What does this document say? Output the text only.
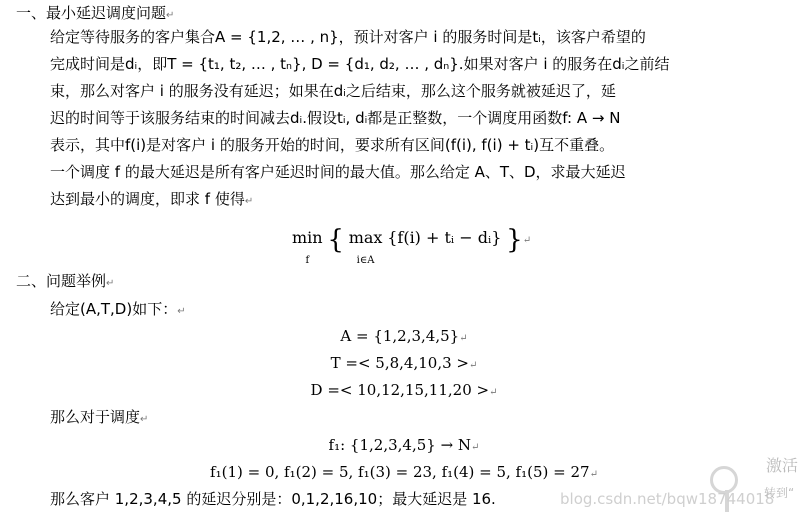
一、最小延迟调度问题↵
给定等待服务的客户集合A = {1,2, … , n}，预计对客户 i 的服务时间是tᵢ，该客户希望的
完成时间是dᵢ，即T = {t₁, t₂, … , tₙ}, D = {d₁, d₂, … , dₙ}.如果对客户 i 的服务在dᵢ之前结
束，那么对客户 i 的服务没有延迟；如果在dᵢ之后结束，那么这个服务就被延迟了，延
迟的时间等于该服务结束的时间减去dᵢ.假设tᵢ, dᵢ都是正整数，一个调度用函数f: A → N
表示，其中f(i)是对客户 i 的服务开始的时间，要求所有区间(f(i), f(i) + tᵢ)互不重叠。
一个调度 f 的最大延迟是所有客户延迟时间的最大值。那么给定 A、T、D，求最大延迟
达到最小的调度，即求 f 使得↵
min
f { max
i∈A {f(i) + tᵢ − dᵢ} }↵
二、问题举例↵
给定(A,T,D)如下：↵
A = {1,2,3,4,5}↵
T =< 5,8,4,10,3 >↵
D =< 10,12,15,11,20 >↵
那么对于调度↵
f₁: {1,2,3,4,5} → N↵
f₁(1) = 0, f₁(2) = 5, f₁(3) = 23, f₁(4) = 5, f₁(5) = 27↵
那么客户 1,2,3,4,5 的延迟分别是：0,1,2,16,10；最大延迟是 16.	blog.csdn.net/bqw18744018
激活
转到“
